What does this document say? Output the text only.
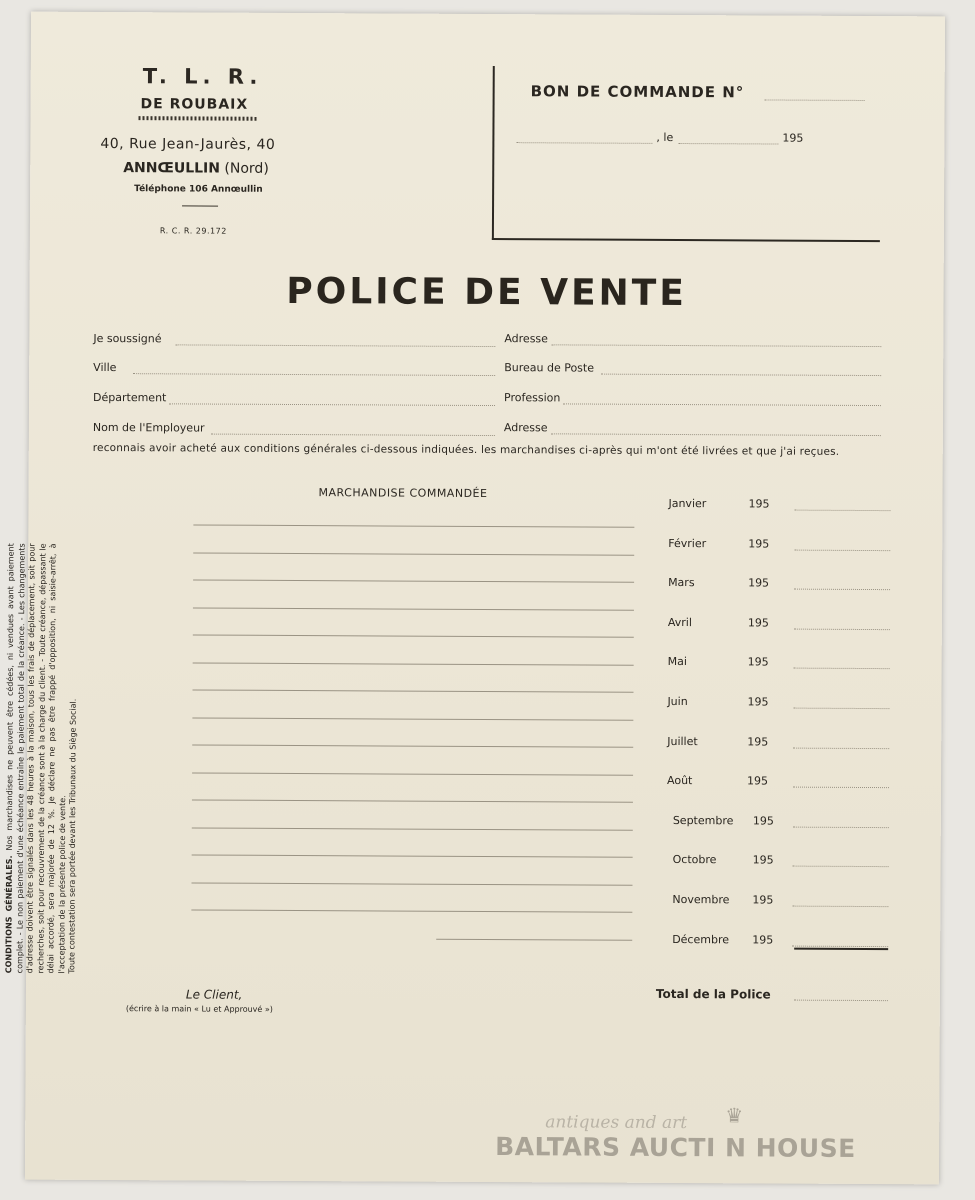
T. L. R.
DE ROUBAIX
40, Rue Jean-Jaurès, 40
ANNŒULLIN (Nord)
Téléphone 106 Annœullin
R. C. R. 29.172
BON DE COMMANDE N°
, le	195
POLICE DE VENTE
Je soussigné	Adresse
Ville	Bureau de Poste
Département	Profession
Nom de l'Employeur	Adresse
reconnais avoir acheté aux conditions générales ci-dessous indiquées. les marchandises ci-après qui m'ont été livrées et que j'ai reçues.
MARCHANDISE COMMANDÉE
CONDITIONS GÉNÉRALES. Nos marchandises ne peuvent être cédées, ni vendues avant paiement complet. - Le non paiement d'une échéance entraîne le paiement total de la créance. - Les changements d'adresse doivent être signalés dans les 48 heures à la maison, tous les frais de déplacement, soit pour recherches, soit pour recouvrement de la créance sont à la charge du client. - Toute créance, dépassant le délai accordé, sera majorée de 12 %. Je déclare ne pas être frappé d'opposition, ni saisie-arrêt, à l'acceptation de la présente police de vente.
Toute contestation sera portée devant les Tribunaux du Siège Social.
Janvier	195
Février	195
Mars	195
Avril	195
Mai	195
Juin	195
Juillet	195
Août	195
Septembre 195
Octobre	195
Novembre 195
Décembre 195
Le Client,
(écrire à la main « Lu et Approuvé »)
Total de la Police
antiques and art ♛
BALTARS AUCTI N HOUSE
